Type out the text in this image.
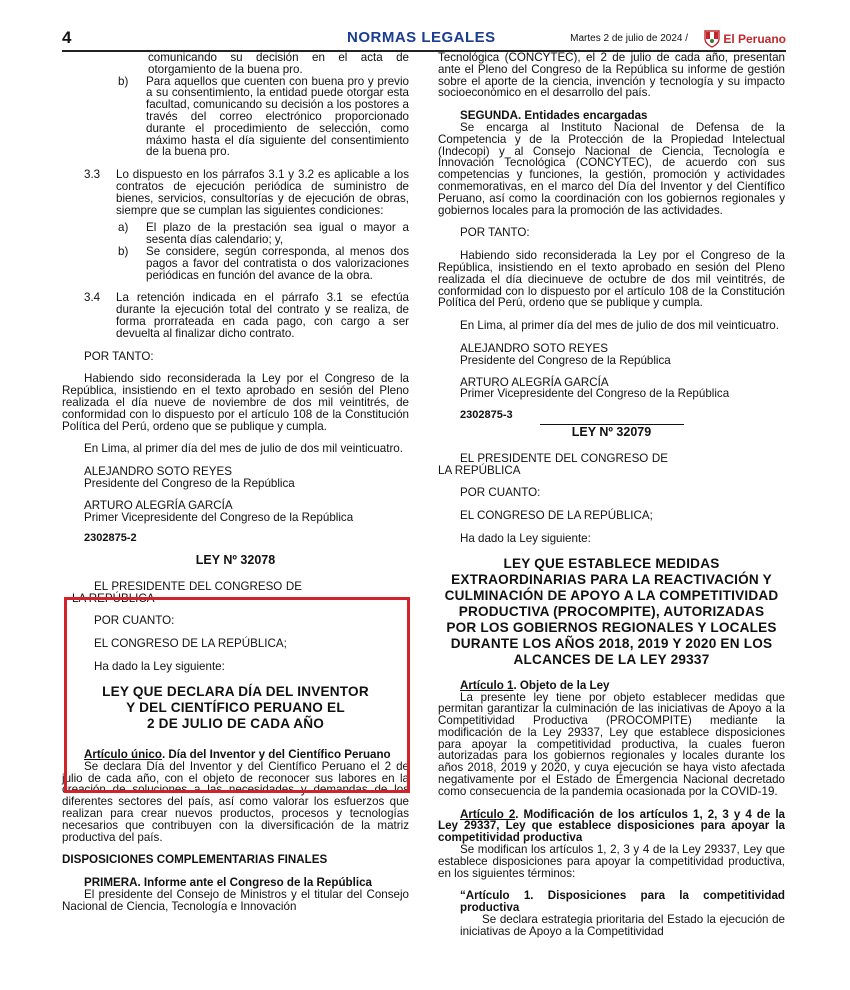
4	NORMAS LEGALES	Martes 2 de julio de 2024 /	El Peruano

comunicando su decisión en el acta de otorgamiento de la buena pro.

b)	Para aquellos que cuenten con buena pro y previo a su consentimiento, la entidad puede otorgar esta facultad, comunicando su decisión a los postores a través del correo electrónico proporcionado durante el procedimiento de selección, como máximo hasta el día siguiente del consentimiento de la buena pro.
3.3	Lo dispuesto en los párrafos 3.1 y 3.2 es aplicable a los contratos de ejecución periódica de suministro de bienes, servicios, consultorías y de ejecución de obras, siempre que se cumplan las siguientes condiciones:
a)	El plazo de la prestación sea igual o mayor a sesenta días calendario; y,
b)	Se considere, según corresponda, al menos dos pagos a favor del contratista o dos valorizaciones periódicas en función del avance de la obra.
3.4	La retención indicada en el párrafo 3.1 se efectúa durante la ejecución total del contrato y se realiza, de forma prorrateada en cada pago, con cargo a ser devuelta al finalizar dicho contrato.

POR TANTO:

Habiendo sido reconsiderada la Ley por el Congreso de la República, insistiendo en el texto aprobado en sesión del Pleno realizada el día nueve de noviembre de dos mil veintitrés, de conformidad con lo dispuesto por el artículo 108 de la Constitución Política del Perú, ordeno que se publique y cumpla.

En Lima, al primer día del mes de julio de dos mil veinticuatro.

ALEJANDRO SOTO REYES
Presidente del Congreso de la República
ARTURO ALEGRÍA GARCÍA
Primer Vicepresidente del Congreso de la República
2302875-2
LEY Nº 32078

EL PRESIDENTE DEL CONGRESO DE LA REPÚBLICA

POR CUANTO:

EL CONGRESO DE LA REPÚBLICA;

Ha dado la Ley siguiente:

LEY QUE DECLARA DÍA DEL INVENTOR
Y DEL CIENTÍFICO PERUANO EL
2 DE JULIO DE CADA AÑO

Artículo único. Día del Inventor y del Científico Peruano

Se declara Día del Inventor y del Científico Peruano el 2 de julio de cada año, con el objeto de reconocer sus labores en la creación de soluciones a las necesidades y demandas de los diferentes sectores del país, así como valorar los esfuerzos que realizan para crear nuevos productos, procesos y tecnologías necesarios que contribuyen con la diversificación de la matriz productiva del país.

DISPOSICIONES COMPLEMENTARIAS FINALES

PRIMERA. Informe ante el Congreso de la República

El presidente del Consejo de Ministros y el titular del Consejo Nacional de Ciencia, Tecnología e Innovación

Tecnológica (CONCYTEC), el 2 de julio de cada año, presentan ante el Pleno del Congreso de la República su informe de gestión sobre el aporte de la ciencia, invención y tecnología y su impacto socioeconómico en el desarrollo del país.

SEGUNDA. Entidades encargadas

Se encarga al Instituto Nacional de Defensa de la Competencia y de la Protección de la Propiedad Intelectual (Indecopi) y al Consejo Nacional de Ciencia, Tecnología e Innovación Tecnológica (CONCYTEC), de acuerdo con sus competencias y funciones, la gestión, promoción y actividades conmemorativas, en el marco del Día del Inventor y del Científico Peruano, así como la coordinación con los gobiernos regionales y gobiernos locales para la promoción de las actividades.

POR TANTO:

Habiendo sido reconsiderada la Ley por el Congreso de la República, insistiendo en el texto aprobado en sesión del Pleno realizada el día diecinueve de octubre de dos mil veintitrés, de conformidad con lo dispuesto por el artículo 108 de la Constitución Política del Perú, ordeno que se publique y cumpla.

En Lima, al primer día del mes de julio de dos mil veinticuatro.

ALEJANDRO SOTO REYES
Presidente del Congreso de la República
ARTURO ALEGRÍA GARCÍA
Primer Vicepresidente del Congreso de la República
2302875-3
LEY Nº 32079

EL PRESIDENTE DEL CONGRESO DE LA REPÚBLICA

POR CUANTO:

EL CONGRESO DE LA REPÚBLICA;

Ha dado la Ley siguiente:

LEY QUE ESTABLECE MEDIDAS EXTRAORDINARIAS PARA LA REACTIVACIÓN Y CULMINACIÓN DE APOYO A LA COMPETITIVIDAD PRODUCTIVA (PROCOMPITE), AUTORIZADAS POR LOS GOBIERNOS REGIONALES Y LOCALES DURANTE LOS AÑOS 2018, 2019 Y 2020 EN LOS ALCANCES DE LA LEY 29337

Artículo 1. Objeto de la Ley

La presente ley tiene por objeto establecer medidas que permitan garantizar la culminación de las iniciativas de Apoyo a la Competitividad Productiva (PROCOMPITE) mediante la modificación de la Ley 29337, Ley que establece disposiciones para apoyar la competitividad productiva, la cuales fueron autorizadas para los gobiernos regionales y locales durante los años 2018, 2019 y 2020, y cuya ejecución se haya visto afectada negativamente por el Estado de Emergencia Nacional decretado como consecuencia de la pandemia ocasionada por la COVID-19.

Artículo 2. Modificación de los artículos 1, 2, 3 y 4 de la Ley 29337, Ley que establece disposiciones para apoyar la competitividad productiva

Se modifican los artículos 1, 2, 3 y 4 de la Ley 29337, Ley que establece disposiciones para apoyar la competitividad productiva, en los siguientes términos:

“Artículo 1. Disposiciones para la competitividad productiva

Se declara estrategia prioritaria del Estado la ejecución de iniciativas de Apoyo a la Competitividad
